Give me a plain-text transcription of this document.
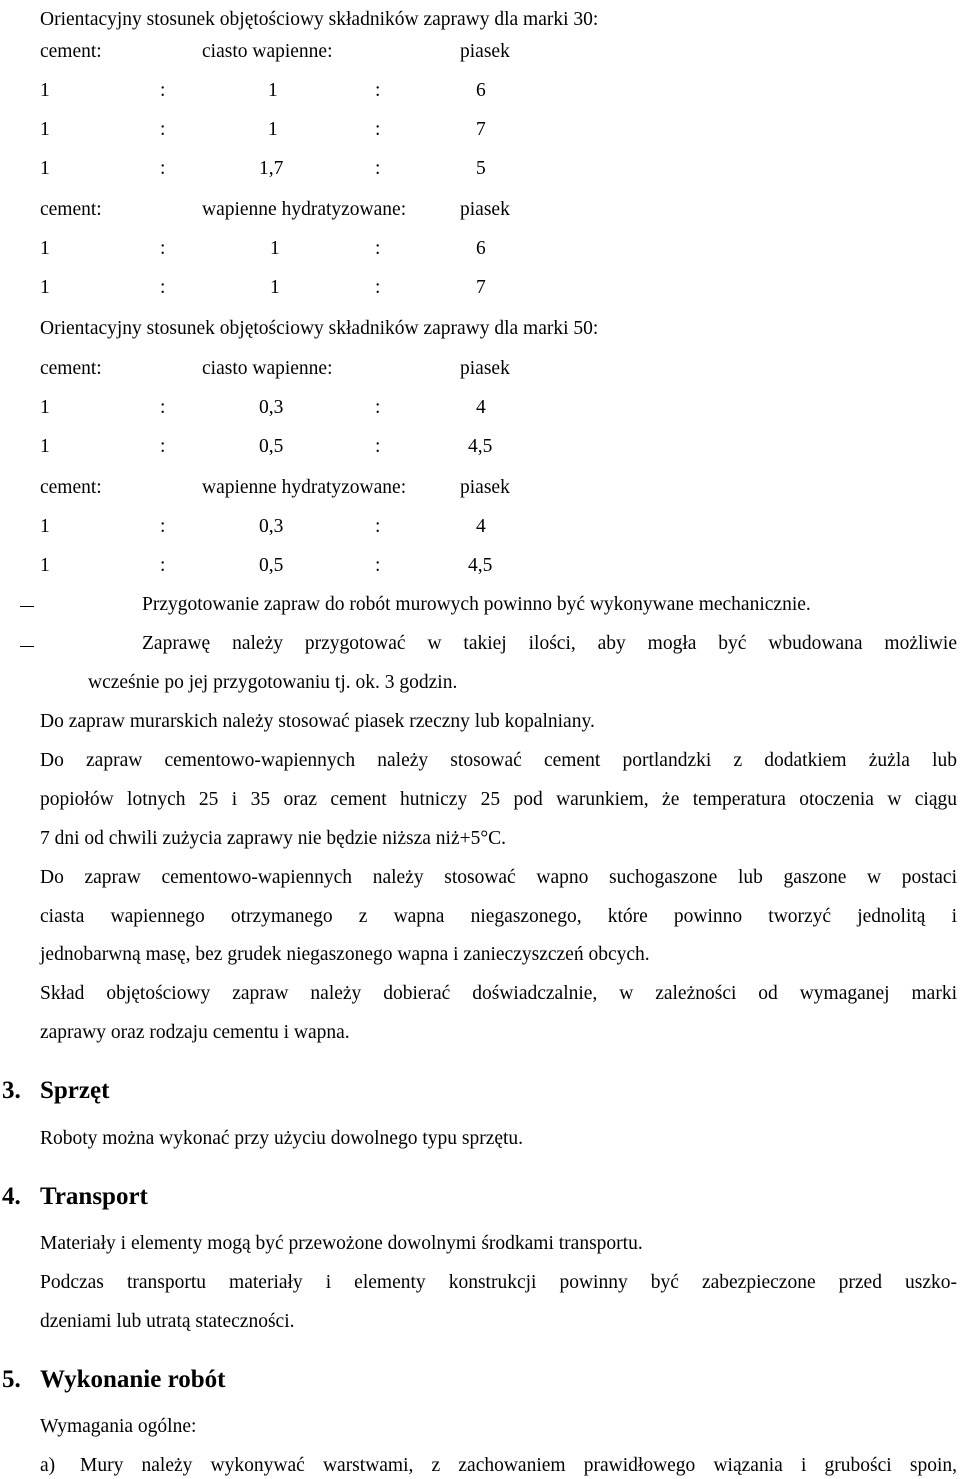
Orientacyjny stosunek objętościowy składników zaprawy dla marki 30:
cement:	ciasto wapienne:	piasek
1	:	1	:	6
1	:	1	:	7
1	:	1,7	:	5
cement:	wapienne hydratyzowane:	piasek
1	:	1	:	6
1	:	1	:	7
Orientacyjny stosunek objętościowy składników zaprawy dla marki 50:
cement:	ciasto wapienne:	piasek
1	:	0,3	:	4
1	:	0,5	:	4,5
cement:	wapienne hydratyzowane:	piasek
1	:	0,3	:	4
1	:	0,5	:	4,5
Przygotowanie zapraw do robót murowych powinno być wykonywane mechanicznie.
Zaprawę należy przygotować w takiej ilości, aby mogła być wbudowana możliwie
wcześnie po jej przygotowaniu tj. ok. 3 godzin.
Do zapraw murarskich należy stosować piasek rzeczny lub kopalniany.
Do zapraw cementowo-wapiennych należy stosować cement portlandzki z dodatkiem żużla lub
popiołów lotnych 25 i 35 oraz cement hutniczy 25 pod warunkiem, że temperatura otoczenia w ciągu
7 dni od chwili zużycia zaprawy nie będzie niższa niż+5°C.
Do zapraw cementowo-wapiennych należy stosować wapno suchogaszone lub gaszone w postaci
ciasta wapiennego otrzymanego z wapna niegaszonego, które powinno tworzyć jednolitą i
jednobarwną masę, bez grudek niegaszonego wapna i zanieczyszczeń obcych.
Skład objętościowy zapraw należy dobierać doświadczalnie, w zależności od wymaganej marki
zaprawy oraz rodzaju cementu i wapna.
3. Sprzęt
Roboty można wykonać przy użyciu dowolnego typu sprzętu.
4. Transport
Materiały i elementy mogą być przewożone dowolnymi środkami transportu.
Podczas transportu materiały i elementy konstrukcji powinny być zabezpieczone przed uszko-
dzeniami lub utratą stateczności.
5. Wykonanie robót
Wymagania ogólne:
a) Mury należy wykonywać warstwami, z zachowaniem prawidłowego wiązania i grubości spoin,
